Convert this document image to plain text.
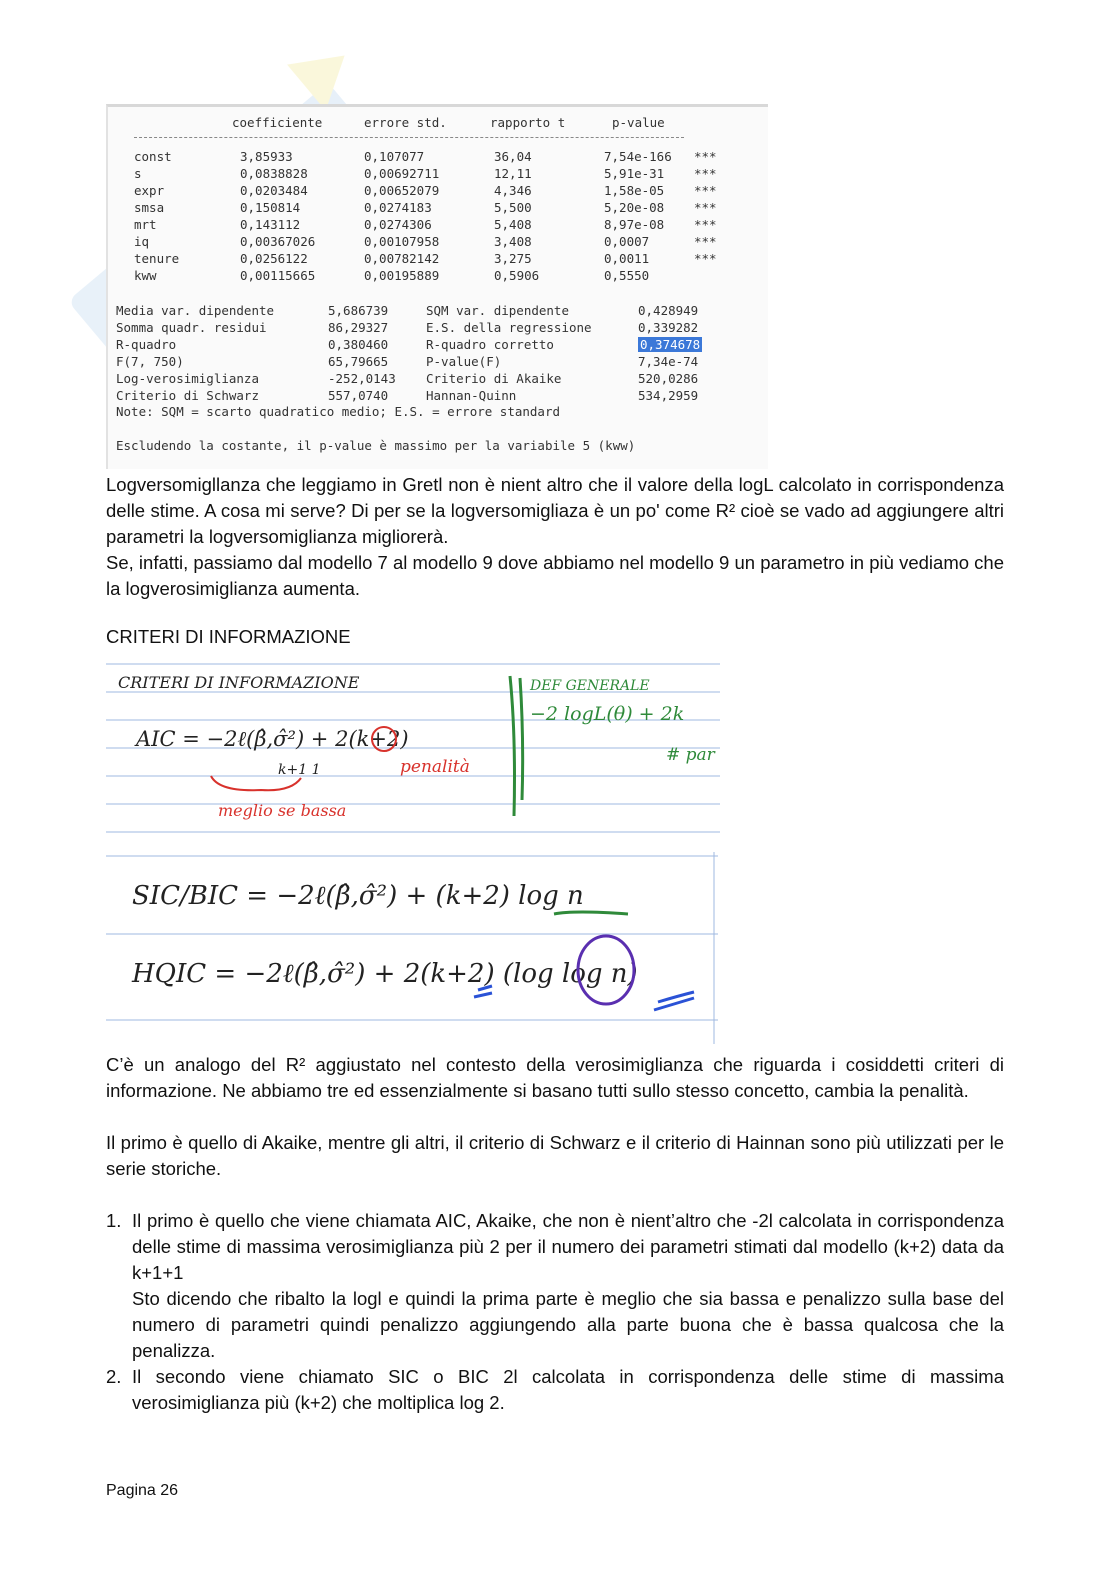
coefficiente	errore std.	rapporto t	p-value
const	3,85933	0,107077	36,04	7,54e-166 ***
s	0,0838828	0,00692711	12,11	5,91e-31 ***
expr	0,0203484	0,00652079	4,346	1,58e-05 ***
smsa	0,150814	0,0274183	5,500	5,20e-08 ***
mrt	0,143112	0,0274306	5,408	8,97e-08 ***
iq	0,00367026	0,00107958	3,408	0,0007	***
tenure	0,0256122	0,00782142	3,275	0,0011	***
kww	0,00115665	0,00195889	0,5906	0,5550
Media var. dipendente	5,686739	SQM var. dipendente	0,428949
Somma quadr. residui	86,29327	E.S. della regressione	0,339282
R-quadro	0,380460	R-quadro corretto	0,374678
F(7, 750)	65,79665	P-value(F)	7,34e-74
Log-verosimiglianza	-252,0143 Criterio di Akaike	520,0286
Criterio di Schwarz	557,0740	Hannan-Quinn	534,2959
Note: SQM = scarto quadratico medio; E.S. = errore standard
Escludendo la costante, il p-value è massimo per la variabile 5 (kww)

Logversomigllanza che leggiamo in Gretl non è nient altro che il valore della logL calcolato in corrispondenza delle stime. A cosa mi serve? Di per se la logversomigliaza è un po' come R² cioè se vado ad aggiungere altri parametri la logversomiglianza migliorerà.

Se, infatti, passiamo dal modello 7 al modello 9 dove abbiamo nel modello 9 un parametro in più vediamo che la logverosimiglianza aumenta.

CRITERI DI INFORMAZIONE
CRITERI DI INFORMAZIONE
AIC = −2ℓ(β̂,σ̂²) + 2(k+2)
k+1 1	penalità
meglio se bassa
DEF GENERALE
−2 logL(θ) + 2k
# par
SIC/BIC = −2ℓ(β̂,σ̂²) + (k+2) log n
HQIC = −2ℓ(β̂,σ̂²) + 2(k+2) (log log n)

C’è un analogo del R² aggiustato nel contesto della verosimiglianza che riguarda i cosiddetti criteri di informazione. Ne abbiamo tre ed essenzialmente si basano tutti sullo stesso concetto, cambia la penalità.

Il primo è quello di Akaike, mentre gli altri, il criterio di Schwarz e il criterio di Hainnan sono più utilizzati per le serie storiche.

1. Il primo è quello che viene chiamata AIC, Akaike, che non è nient’altro che -2l calcolata in corrispondenza delle stime di massima verosimiglianza più 2 per il numero dei parametri stimati dal modello (k+2) data da k+1+1

Sto dicendo che ribalto la logl e quindi la prima parte è meglio che sia bassa e penalizzo sulla base del numero di parametri quindi penalizzo aggiungendo alla parte buona che è bassa qualcosa che la penalizza.

2. Il secondo viene chiamato SIC o BIC 2l calcolata in corrispondenza delle stime di massima verosimiglianza più (k+2) che moltiplica log 2.

Pagina 26
